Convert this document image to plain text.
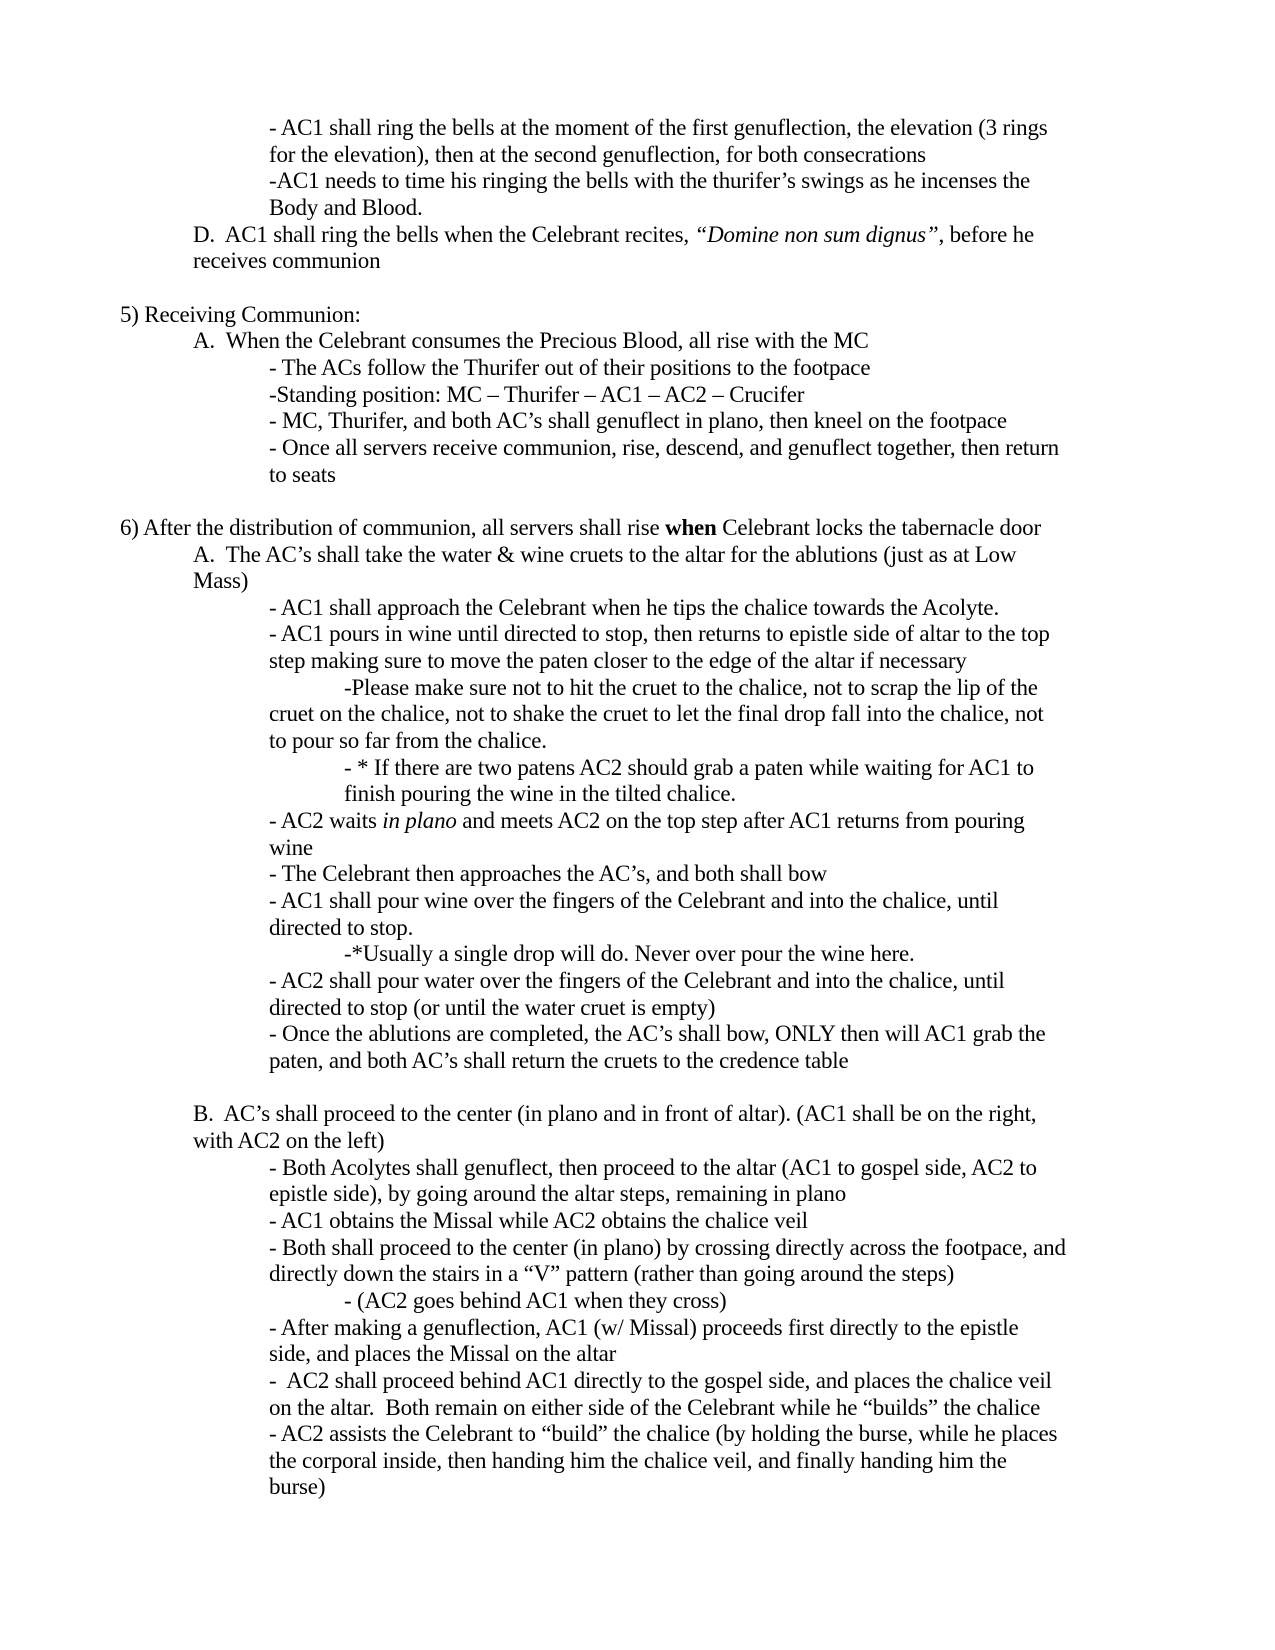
- AC1 shall ring the bells at the moment of the first genuflection, the elevation (3 rings
for the elevation), then at the second genuflection, for both consecrations
-AC1 needs to time his ringing the bells with the thurifer’s swings as he incenses the
Body and Blood.
D.  AC1 shall ring the bells when the Celebrant recites, “Domine non sum dignus”, before he
receives communion
5) Receiving Communion:
A.  When the Celebrant consumes the Precious Blood, all rise with the MC
- The ACs follow the Thurifer out of their positions to the footpace
-Standing position: MC – Thurifer – AC1 – AC2 – Crucifer
- MC, Thurifer, and both AC’s shall genuflect in plano, then kneel on the footpace
- Once all servers receive communion, rise, descend, and genuflect together, then return
to seats
6) After the distribution of communion, all servers shall rise when Celebrant locks the tabernacle door
A.  The AC’s shall take the water & wine cruets to the altar for the ablutions (just as at Low
Mass)
- AC1 shall approach the Celebrant when he tips the chalice towards the Acolyte.
- AC1 pours in wine until directed to stop, then returns to epistle side of altar to the top
step making sure to move the paten closer to the edge of the altar if necessary
-Please make sure not to hit the cruet to the chalice, not to scrap the lip of the
cruet on the chalice, not to shake the cruet to let the final drop fall into the chalice, not
to pour so far from the chalice.
- * If there are two patens AC2 should grab a paten while waiting for AC1 to
finish pouring the wine in the tilted chalice.
- AC2 waits in plano and meets AC2 on the top step after AC1 returns from pouring
wine
- The Celebrant then approaches the AC’s, and both shall bow
- AC1 shall pour wine over the fingers of the Celebrant and into the chalice, until
directed to stop.
-*Usually a single drop will do. Never over pour the wine here.
- AC2 shall pour water over the fingers of the Celebrant and into the chalice, until
directed to stop (or until the water cruet is empty)
- Once the ablutions are completed, the AC’s shall bow, ONLY then will AC1 grab the
paten, and both AC’s shall return the cruets to the credence table
B.  AC’s shall proceed to the center (in plano and in front of altar). (AC1 shall be on the right,
with AC2 on the left)
- Both Acolytes shall genuflect, then proceed to the altar (AC1 to gospel side, AC2 to
epistle side), by going around the altar steps, remaining in plano
- AC1 obtains the Missal while AC2 obtains the chalice veil
- Both shall proceed to the center (in plano) by crossing directly across the footpace, and
directly down the stairs in a “V” pattern (rather than going around the steps)
- (AC2 goes behind AC1 when they cross)
- After making a genuflection, AC1 (w/ Missal) proceeds first directly to the epistle
side, and places the Missal on the altar
-  AC2 shall proceed behind AC1 directly to the gospel side, and places the chalice veil
on the altar.  Both remain on either side of the Celebrant while he “builds” the chalice
- AC2 assists the Celebrant to “build” the chalice (by holding the burse, while he places
the corporal inside, then handing him the chalice veil, and finally handing him the
burse)
